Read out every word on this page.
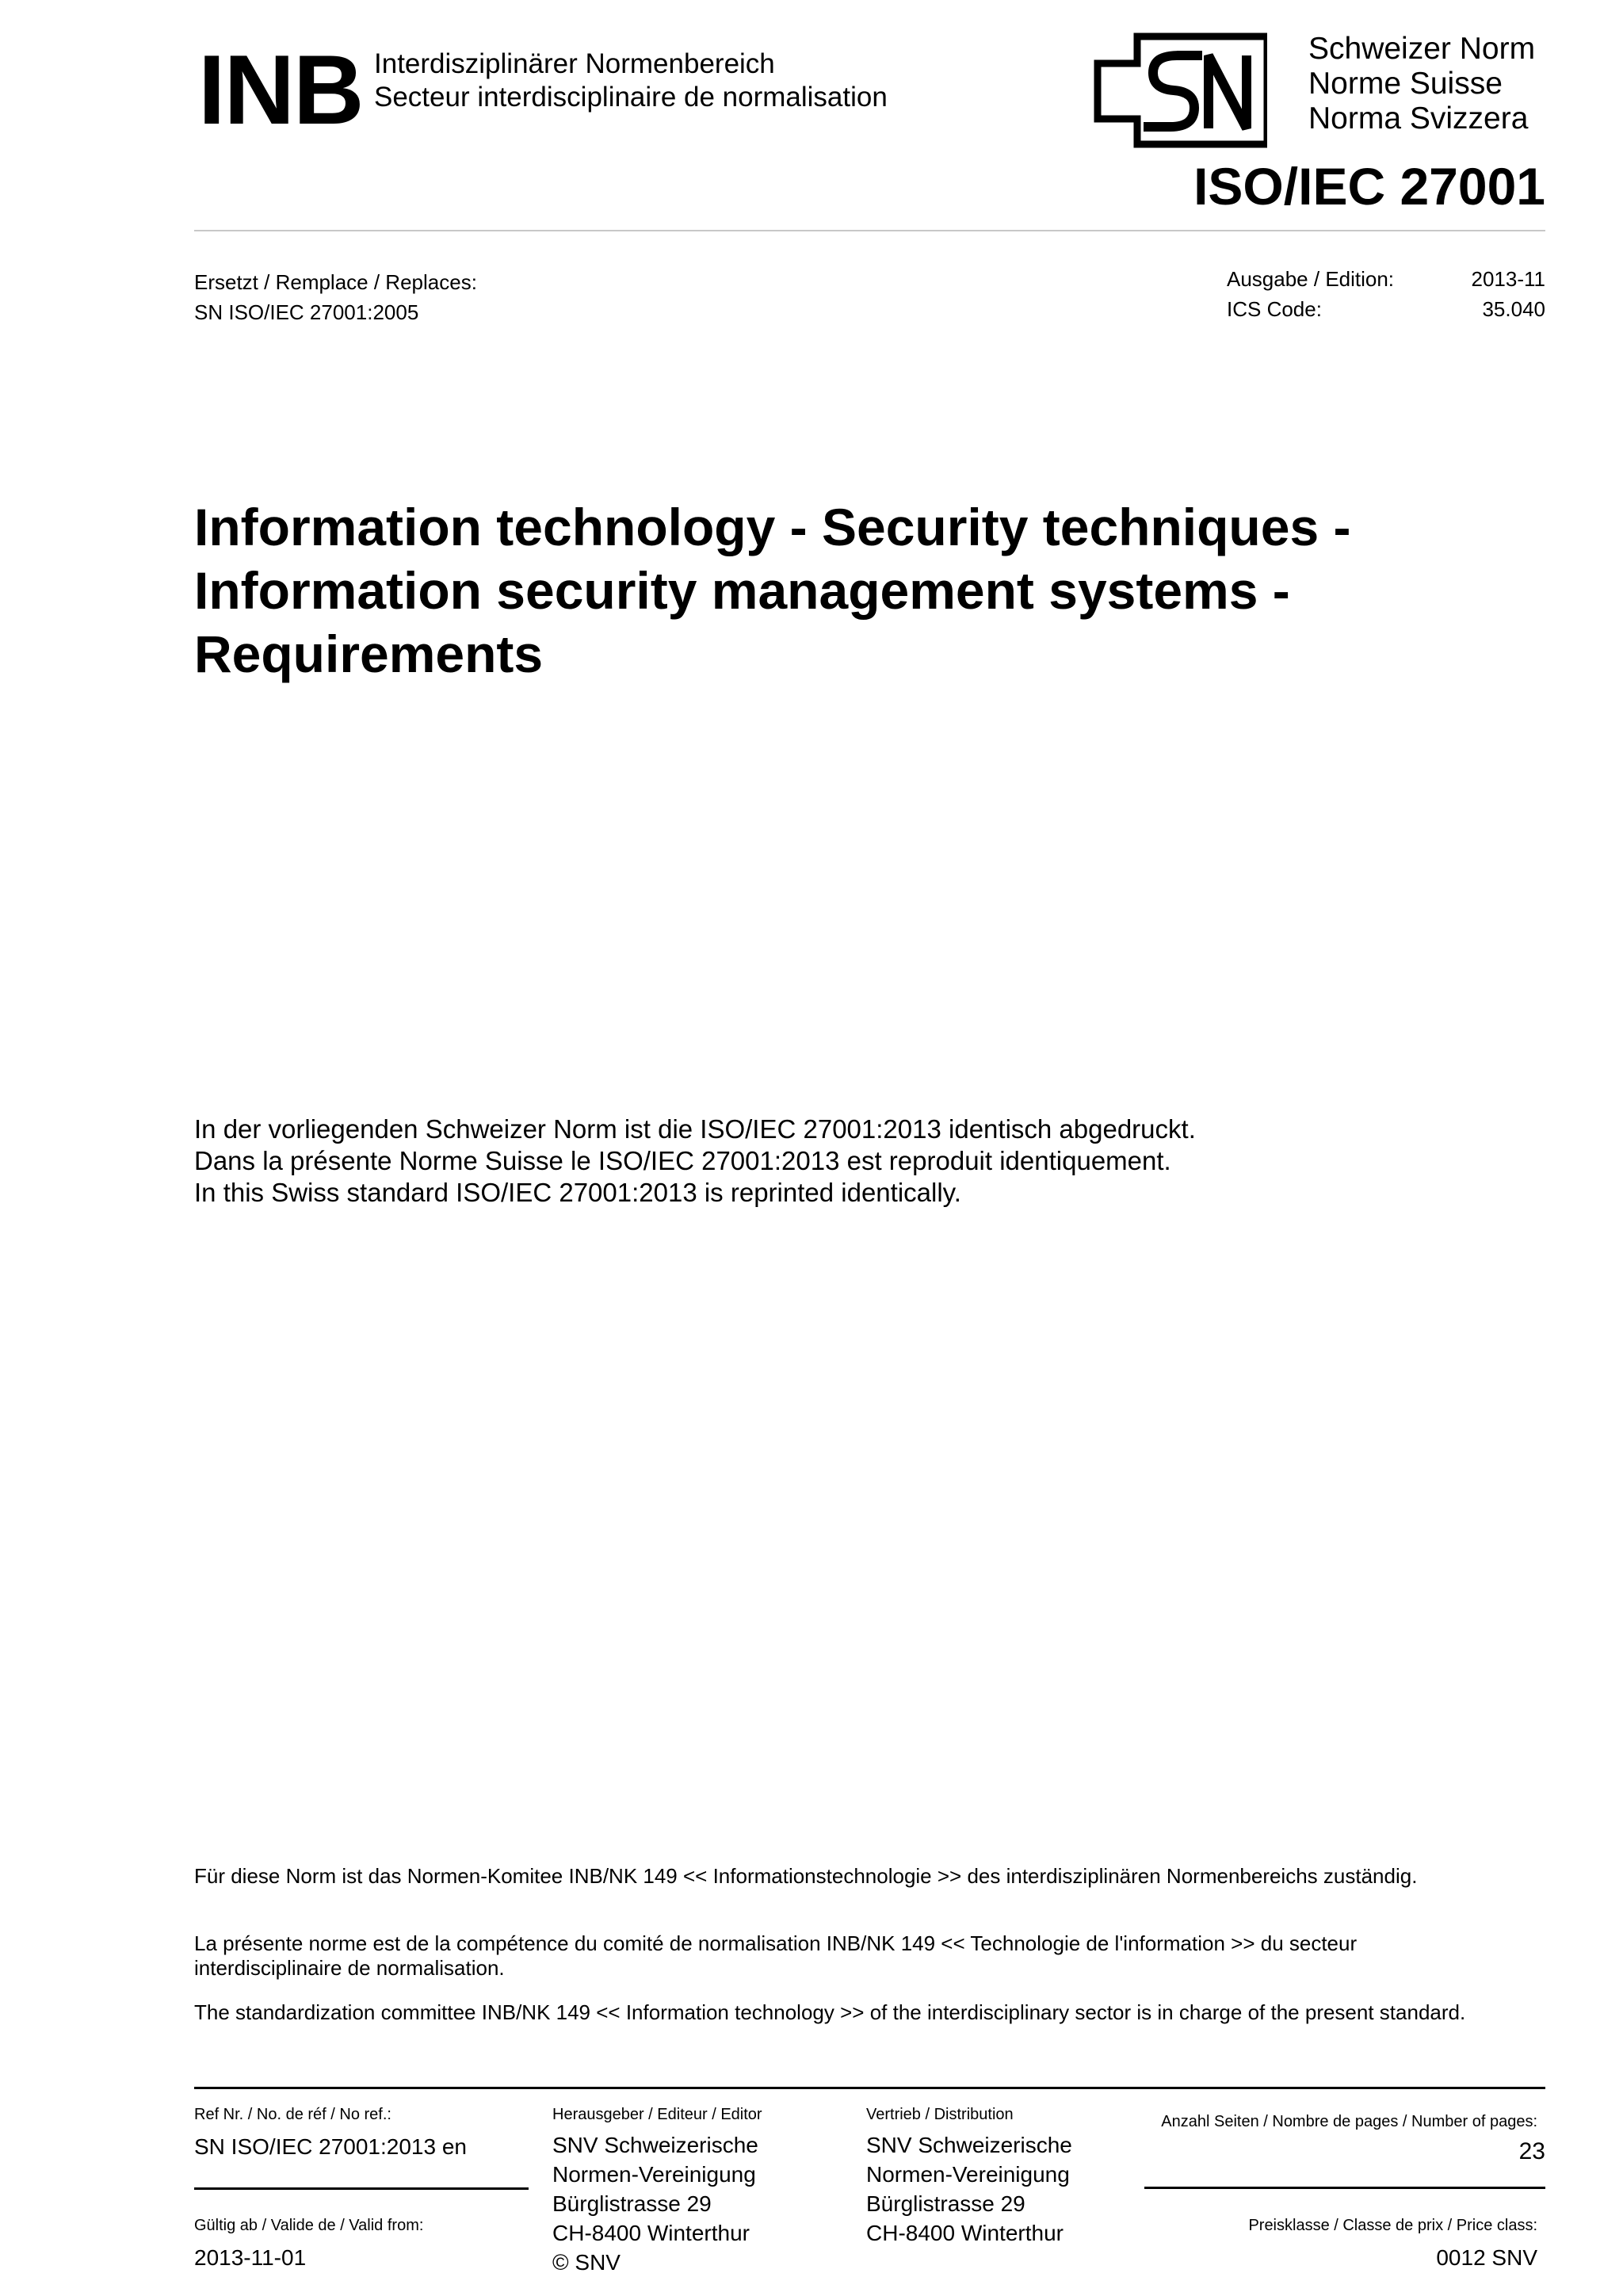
INB Interdisziplinärer Normenbereich
Secteur interdisciplinaire de normalisation
Schweizer Norm
Norme Suisse
Norma Svizzera
ISO/IEC 27001
Ersetzt / Remplace / Replaces:
SN ISO/IEC 27001:2005
Ausgabe / Edition:
ICS Code:
2013-11
35.040
Information technology - Security techniques -
Information security management systems -
Requirements
In der vorliegenden Schweizer Norm ist die ISO/IEC 27001:2013 identisch abgedruckt.
Dans la présente Norme Suisse le ISO/IEC 27001:2013 est reproduit identiquement.
In this Swiss standard ISO/IEC 27001:2013 is reprinted identically.
Für diese Norm ist das Normen-Komitee INB/NK 149 << Informationstechnologie >> des interdisziplinären Normenbereichs zuständig.
La présente norme est de la compétence du comité de normalisation INB/NK 149 << Technologie de l'information >> du secteur
interdisciplinaire de normalisation.
The standardization committee INB/NK 149 << Information technology >> of the interdisciplinary sector is in charge of the present standard.
Ref Nr. / No. de réf / No ref.:
SN ISO/IEC 27001:2013 en
Gültig ab / Valide de / Valid from:
2013-11-01
Herausgeber / Editeur / Editor
SNV Schweizerische
Normen-Vereinigung
Bürglistrasse 29
CH-8400 Winterthur
© SNV
Vertrieb / Distribution
SNV Schweizerische
Normen-Vereinigung
Bürglistrasse 29
CH-8400 Winterthur
Anzahl Seiten / Nombre de pages / Number of pages:
23
Preisklasse / Classe de prix / Price class:
0012 SNV
